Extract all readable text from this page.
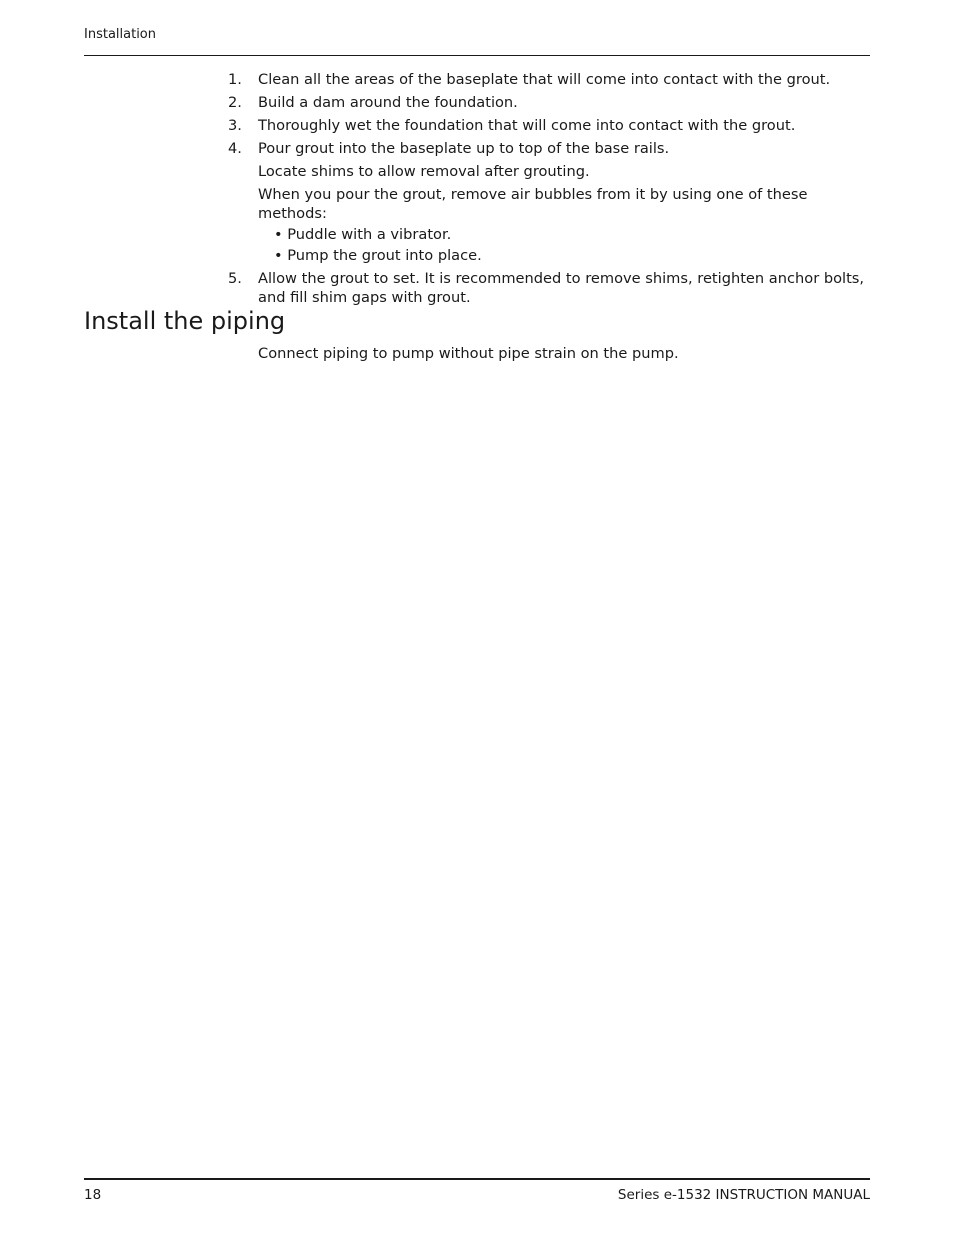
Installation
1. Clean all the areas of the baseplate that will come into contact with the grout.
2. Build a dam around the foundation.
3. Thoroughly wet the foundation that will come into contact with the grout.
4. Pour grout into the baseplate up to top of the base rails.
Locate shims to allow removal after grouting.
When you pour the grout, remove air bubbles from it by using one of these methods:
• Puddle with a vibrator.
• Pump the grout into place.
5. Allow the grout to set. It is recommended to remove shims, retighten anchor bolts, and fill shim gaps with grout.
Install the piping
Connect piping to pump without pipe strain on the pump.
18	Series e-1532 INSTRUCTION MANUAL
